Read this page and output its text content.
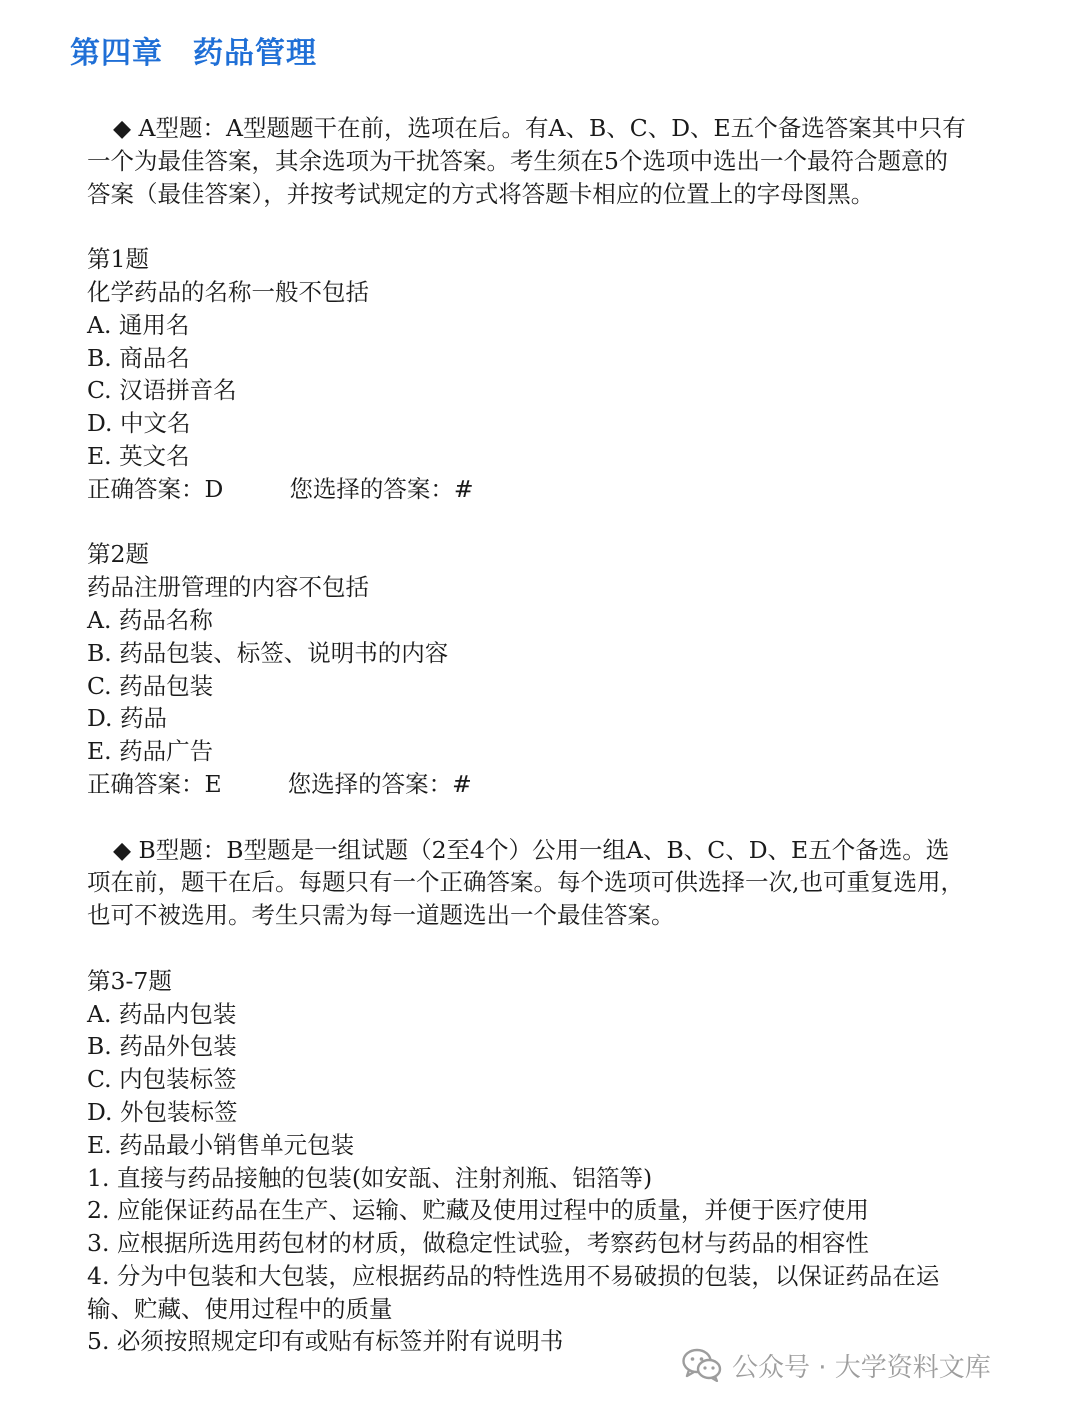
第四章 药品管理

◆ A型题：A型题题干在前，选项在后。有A、B、C、D、E五个备选答案其中只有一个为最佳答案，其余选项为干扰答案。考生须在5个选项中选出一个最符合题意的答案（最佳答案），并按考试规定的方式将答题卡相应的位置上的字母图黑。

第1题

化学药品的名称一般不包括

A. 通用名

B. 商品名

C. 汉语拼音名

D. 中文名

E. 英文名

正确答案：D	您选择的答案：#

第2题

药品注册管理的内容不包括

A. 药品名称

B. 药品包装、标签、说明书的内容

C. 药品包装

D. 药品

E. 药品广告

正确答案：E	您选择的答案：#

◆ B型题：B型题是一组试题（2至4个）公用一组A、B、C、D、E五个备选。选项在前，题干在后。每题只有一个正确答案。每个选项可供选择一次,也可重复选用，也可不被选用。考生只需为每一道题选出一个最佳答案。

第3-7题

A. 药品内包装

B. 药品外包装

C. 内包装标签

D. 外包装标签

E. 药品最小销售单元包装

1. 直接与药品接触的包装(如安瓿、注射剂瓶、铝箔等)

2. 应能保证药品在生产、运输、贮藏及使用过程中的质量，并便于医疗使用

3. 应根据所选用药包材的材质，做稳定性试验，考察药包材与药品的相容性

4. 分为中包装和大包装，应根据药品的特性选用不易破损的包装，以保证药品在运输、贮藏、使用过程中的质量

5. 必须按照规定印有或贴有标签并附有说明书

公众号 · 大学资料文库
